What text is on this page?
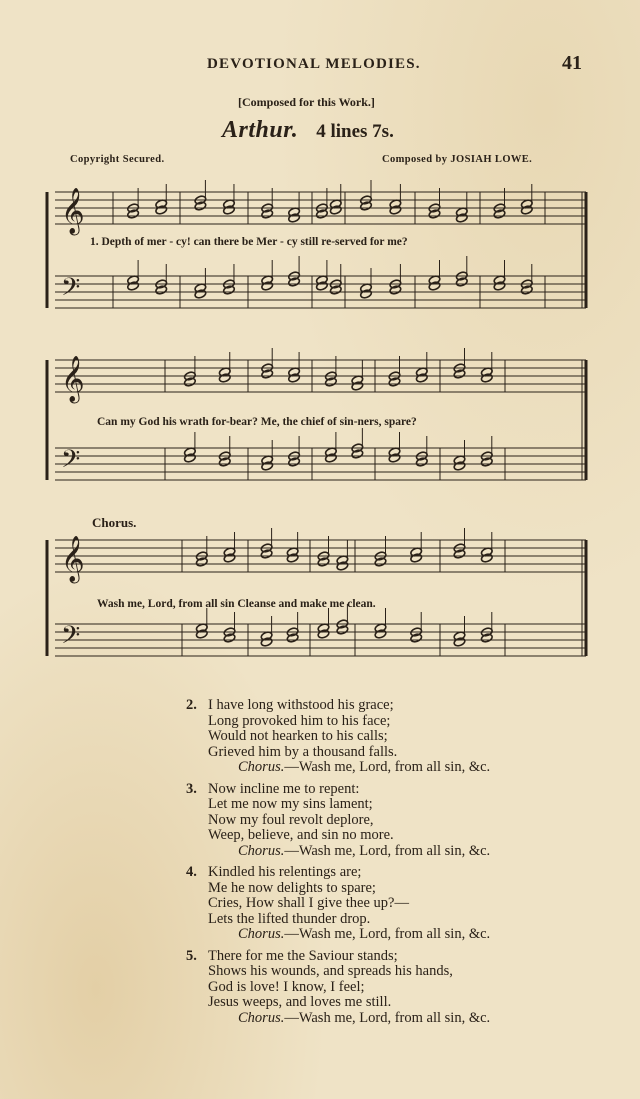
DEVOTIONAL MELODIES.	41
[Composed for this Work.]
Arthur. 4 lines 7s.
Copyright Secured.	Composed by JOSIAH LOWE.
𝄞
𝄢
𝄞
𝄢
𝄞
𝄢
1. Depth of mer - cy! can there be Mer - cy still re-served for me?
Can my God his wrath for-bear? Me, the chief of sin-ners, spare?
Chorus.
Wash me, Lord, from all sin Cleanse and make me clean.
2. I have long withstood his grace;
Long provoked him to his face;
Would not hearken to his calls;
Grieved him by a thousand falls.
Chorus.—Wash me, Lord, from all sin, &c.
3. Now incline me to repent:
Let me now my sins lament;
Now my foul revolt deplore,
Weep, believe, and sin no more.
Chorus.—Wash me, Lord, from all sin, &c.
4. Kindled his relentings are;
Me he now delights to spare;
Cries, How shall I give thee up?—
Lets the lifted thunder drop.
Chorus.—Wash me, Lord, from all sin, &c.
5. There for me the Saviour stands;
Shows his wounds, and spreads his hands,
God is love! I know, I feel;
Jesus weeps, and loves me still.
Chorus.—Wash me, Lord, from all sin, &c.
